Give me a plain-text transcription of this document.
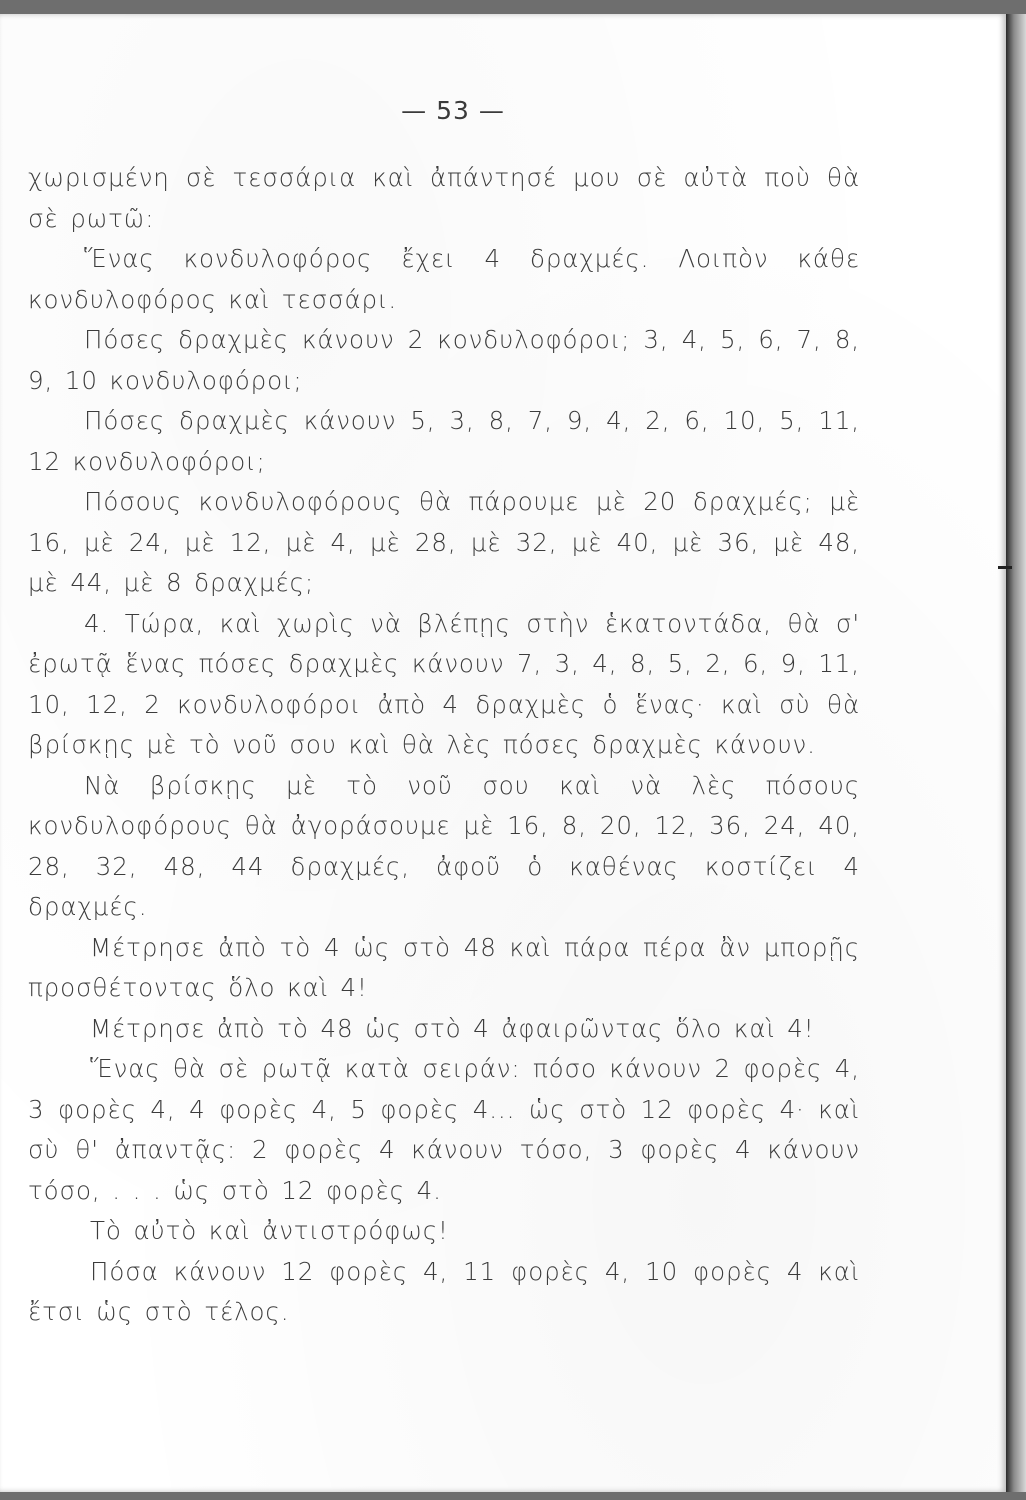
— 53 —

χωρισμένη σὲ τεσσάρια καὶ ἀπάντησέ μου σὲ αὐτὰ ποὺ θὰ σὲ ρωτῶ:

Ἕνας κονδυλοφόρος ἔχει 4 δραχμές. Λοιπὸν κάθε κονδυλοφόρος καὶ τεσσάρι.

Πόσες δραχμὲς κάνουν 2 κονδυλοφόροι; 3, 4, 5, 6, 7, 8, 9, 10 κονδυλοφόροι;

Πόσες δραχμὲς κάνουν 5, 3, 8, 7, 9, 4, 2, 6, 10, 5, 11, 12 κονδυλοφόροι;

Πόσους κονδυλοφόρους θὰ πάρουμε μὲ 20 δραχμές; μὲ 16, μὲ 24, μὲ 12, μὲ 4, μὲ 28, μὲ 32, μὲ 40, μὲ 36, μὲ 48, μὲ 44, μὲ 8 δραχμές;

4. Τώρα, καὶ χωρὶς νὰ βλέπῃς στὴν ἑκατοντάδα, θὰ σ' ἐρωτᾷ ἕνας πόσες δραχμὲς κάνουν 7, 3, 4, 8, 5, 2, 6, 9, 11, 10, 12, 2 κονδυλοφόροι ἀπὸ 4 δραχμὲς ὁ ἕνας· καὶ σὺ θὰ βρίσκῃς μὲ τὸ νοῦ σου καὶ θὰ λὲς πόσες δραχμὲς κάνουν.

Νὰ βρίσκῃς μὲ τὸ νοῦ σου καὶ νὰ λὲς πόσους κονδυλοφόρους θὰ ἀγοράσουμε μὲ 16, 8, 20, 12, 36, 24, 40, 28, 32, 48, 44 δραχμές, ἀφοῦ ὁ καθένας κοστίζει 4 δραχμές.

Μέτρησε ἀπὸ τὸ 4 ὡς στὸ 48 καὶ πάρα πέρα ἂν μπορῇς προσθέτοντας ὅλο καὶ 4!

Μέτρησε ἀπὸ τὸ 48 ὡς στὸ 4 ἀφαιρῶντας ὅλο καὶ 4!

Ἕνας θὰ σὲ ρωτᾷ κατὰ σειράν: πόσο κάνουν 2 φορὲς 4, 3 φορὲς 4, 4 φορὲς 4, 5 φορὲς 4... ὡς στὸ 12 φορὲς 4· καὶ σὺ θ' ἀπαντᾷς: 2 φορὲς 4 κάνουν τόσο, 3 φορὲς 4 κάνουν τόσο, . . . ὡς στὸ 12 φορὲς 4.

Τὸ αὐτὸ καὶ ἀντιστρόφως!

Πόσα κάνουν 12 φορὲς 4, 11 φορὲς 4, 10 φορὲς 4 καὶ ἔτσι ὡς στὸ τέλος.
